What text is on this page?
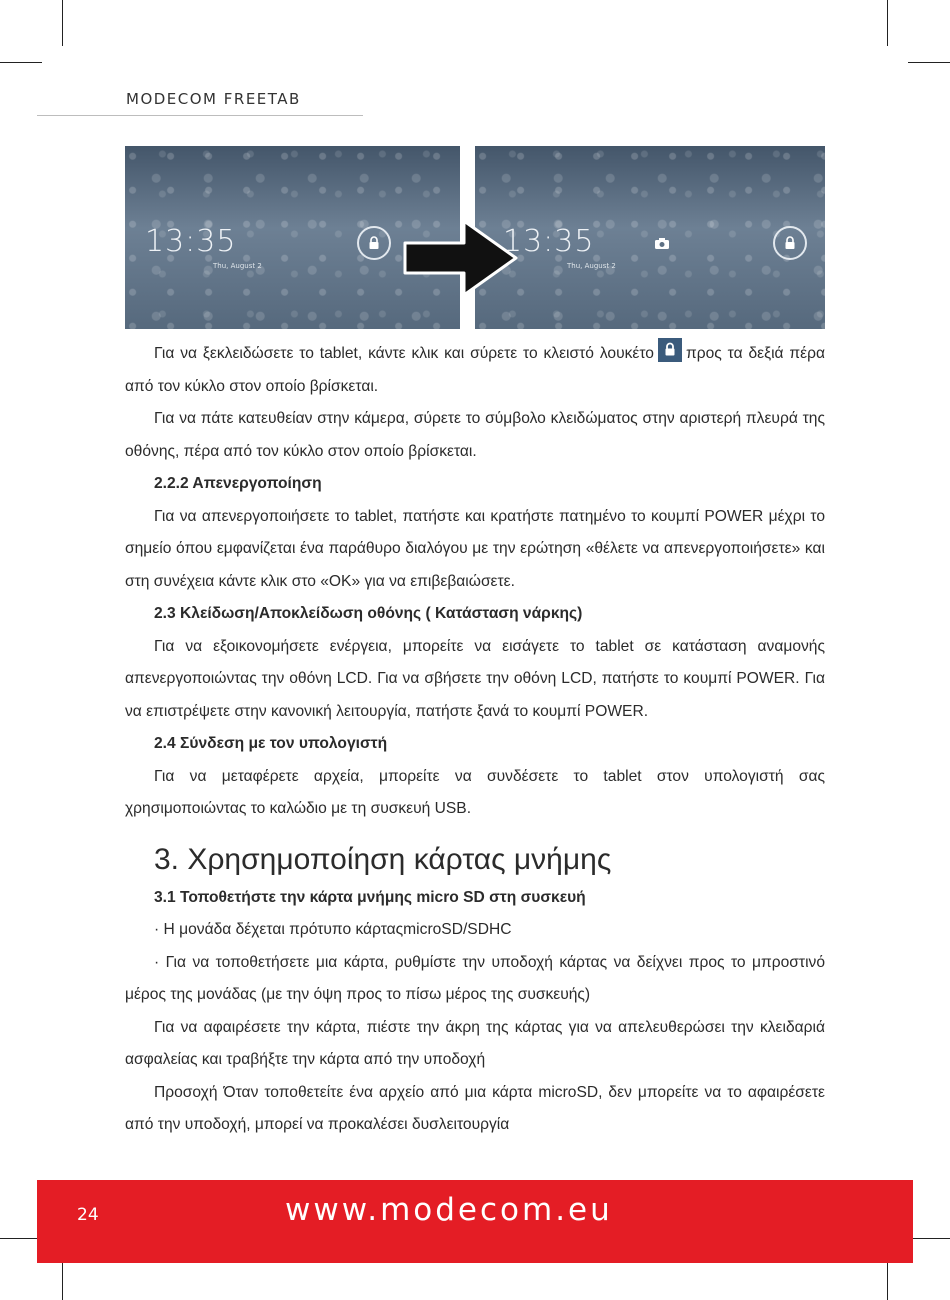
MODECOM FREETAB
13:35
Thu, August 2
13:35
Thu, August 2

Για να ξεκλειδώσετε το tablet, κάντε κλικ και σύρετε το κλειστό λουκέτο προς τα δεξιά πέρα από τον κύκλο στον οποίο βρίσκεται.

Για να πάτε κατευθείαν στην κάμερα, σύρετε το σύμβολο κλειδώματος στην αριστερή πλευρά της οθόνης, πέρα από τον κύκλο στον οποίο βρίσκεται.

2.2.2 Απενεργοποίηση

Για να απενεργοποιήσετε το tablet, πατήστε και κρατήστε πατημένο το κουμπί POWER μέχρι το σημείο όπου εμφανίζεται ένα παράθυρο διαλόγου με την ερώτηση «θέλετε να απενεργοποιήσετε» και στη συνέχεια κάντε κλικ στο «OK» για να επιβεβαιώσετε.

2.3 Κλείδωση/Αποκλείδωση οθόνης ( Κατάσταση νάρκης)

Για να εξοικονομήσετε ενέργεια, μπορείτε να εισάγετε το tablet σε κατάσταση αναμονής απενεργοποιώντας την οθόνη LCD. Για να σβήσετε την οθόνη LCD, πατήστε το κουμπί POWER. Για να επιστρέψετε στην κανονική λειτουργία, πατήστε ξανά το κουμπί POWER.

2.4 Σύνδεση με τον υπολογιστή

Για να μεταφέρετε αρχεία, μπορείτε να συνδέσετε το tablet στον υπολογιστή σας χρησιμοποιώντας το καλώδιο με τη συσκευή USB.

3. Χρησημοποίηση κάρτας μνήμης

3.1 Τοποθετήστε την κάρτα μνήμης micro SD στη συσκευή

· Η μονάδα δέχεται πρότυπο κάρταςmicroSD/SDHC

· Για να τοποθετήσετε μια κάρτα, ρυθμίστε την υποδοχή κάρτας να δείχνει προς το μπροστινό μέρος της μονάδας (με την όψη προς το πίσω μέρος της συσκευής)

Για να αφαιρέσετε την κάρτα, πιέστε την άκρη της κάρτας για να απελευθερώσει την κλειδαριά ασφαλείας και τραβήξτε την κάρτα από την υποδοχή

Προσοχή Όταν τοποθετείτε ένα αρχείο από μια κάρτα microSD, δεν μπορείτε να το αφαιρέσετε από την υποδοχή, μπορεί να προκαλέσει δυσλειτουργία

24	www.modecom.eu
